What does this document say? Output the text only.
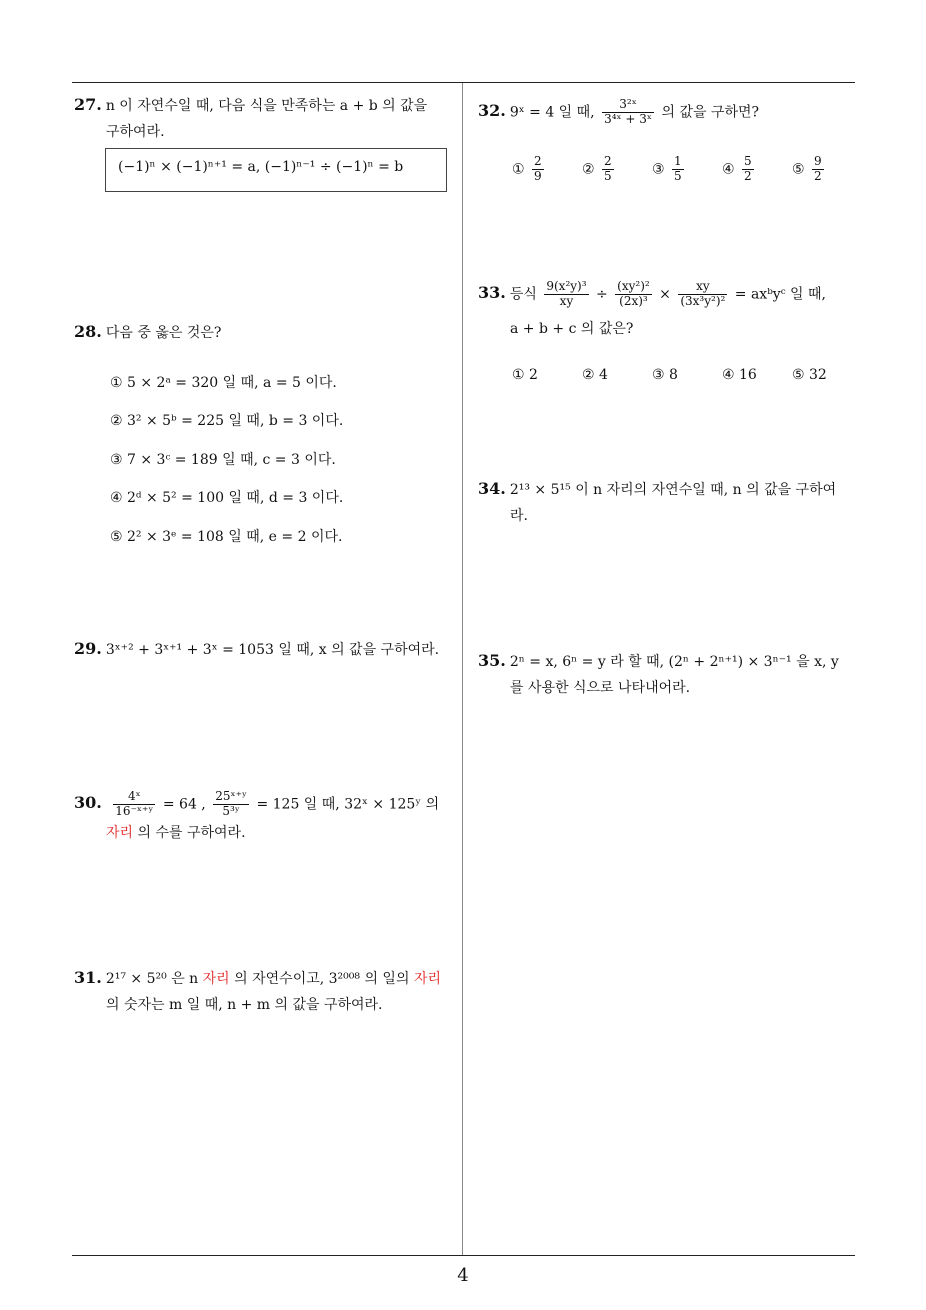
27. n 이 자연수일 때, 다음 식을 만족하는 a + b 의 값을
구하여라.
(−1)ⁿ × (−1)ⁿ⁺¹ = a, (−1)ⁿ⁻¹ ÷ (−1)ⁿ = b
28. 다음 중 옳은 것은?
① 5 × 2ᵃ = 320 일 때, a = 5 이다.
② 3² × 5ᵇ = 225 일 때, b = 3 이다.
③ 7 × 3ᶜ = 189 일 때, c = 3 이다.
④ 2ᵈ × 5² = 100 일 때, d = 3 이다.
⑤ 2² × 3ᵉ = 108 일 때, e = 2 이다.
29. 3ˣ⁺² + 3ˣ⁺¹ + 3ˣ = 1053 일 때, x 의 값을 구하여라.
30. $\frac{\text{4ˣ}}{\text{16⁻ˣ⁺ʸ}} = 64$ , $\frac{\text{25ˣ⁺ʸ}}{\text{5³ʸ}} = 125$ 일 때, 32ˣ × 125ʸ 의
자리 의 수를 구하여라.
31. 2¹⁷ × 5²⁰ 은 n 자리 의 자연수이고, 3²⁰⁰⁸ 의 일의 자리
의 숫자는 m 일 때, n + m 의 값을 구하여라.
32. 9ˣ = 4 일 때, $\frac{\text{3²ˣ}}{\text{3⁴ˣ + 3ˣ}}$ 의 값을 구하면?
① $\frac{2}{9}$	② $\frac{2}{5}$	③ $\frac{1}{5}$	④ $\frac{5}{2}$	⑤ $\frac{9}{2}$
33. 등식 $\frac{\text{9(x²y)³}}{xy} \div \frac{\text{(xy²)²}}{\text{(2x)³}} \times \frac{xy}{\text{(3x³y²)²}}$ = axᵇyᶜ 일 때,
a + b + c 의 값은?
① 2	② 4	③ 8	④ 16	⑤ 32
34. 2¹³ × 5¹⁵ 이 n 자리의 자연수일 때, n 의 값을 구하여
라.
35. 2ⁿ = x, 6ⁿ = y 라 할 때, (2ⁿ + 2ⁿ⁺¹) × 3ⁿ⁻¹ 을 x, y
를 사용한 식으로 나타내어라.
4
